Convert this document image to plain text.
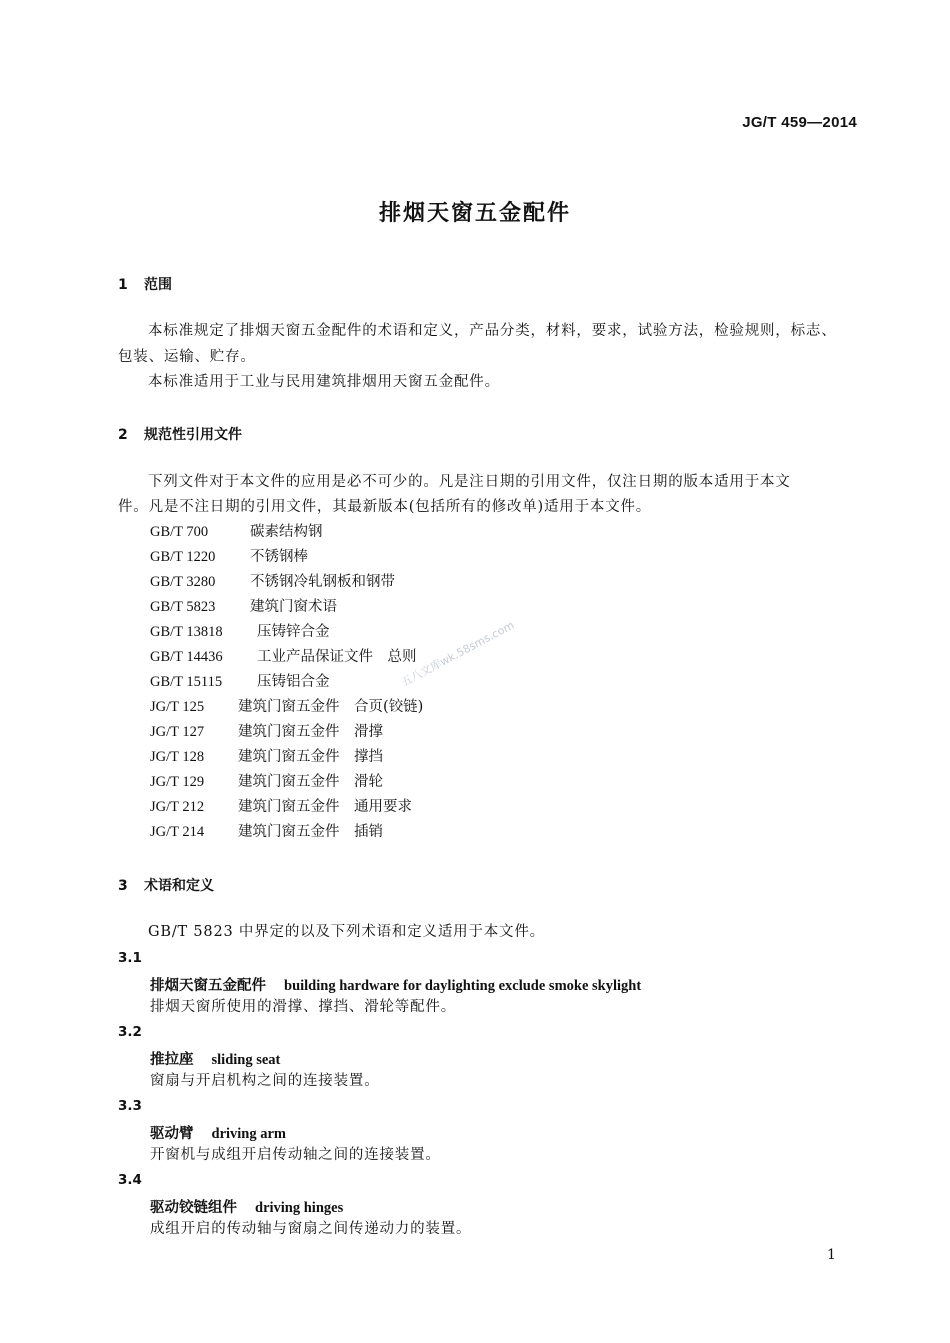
JG/T 459—2014
排烟天窗五金配件
1 范围
本标准规定了排烟天窗五金配件的术语和定义，产品分类，材料，要求，试验方法，检验规则，标志、
包装、运输、贮存。
本标准适用于工业与民用建筑排烟用天窗五金配件。
2 规范性引用文件
下列文件对于本文件的应用是必不可少的。凡是注日期的引用文件，仅注日期的版本适用于本文
件。凡是不注日期的引用文件，其最新版本(包括所有的修改单)适用于本文件。
GB/T 700	碳素结构钢
GB/T 1220 不锈钢棒
GB/T 3280 不锈钢冷轧钢板和钢带
GB/T 5823 建筑门窗术语
GB/T 13818 压铸锌合金
GB/T 14436 工业产品保证文件　总则
GB/T 15115 压铸铝合金
JG/T 125 建筑门窗五金件　合页(铰链)
JG/T 127 建筑门窗五金件　滑撑
JG/T 128 建筑门窗五金件　撑挡
JG/T 129 建筑门窗五金件　滑轮
JG/T 212 建筑门窗五金件　通用要求
JG/T 214 建筑门窗五金件　插销
3 术语和定义
GB/T 5823 中界定的以及下列术语和定义适用于本文件。
3.1
排烟天窗五金配件 building hardware for daylighting exclude smoke skylight
排烟天窗所使用的滑撑、撑挡、滑轮等配件。
3.2
推拉座 sliding seat
窗扇与开启机构之间的连接装置。
3.3
驱动臂 driving arm
开窗机与成组开启传动轴之间的连接装置。
3.4
驱动铰链组件 driving hinges
成组开启的传动轴与窗扇之间传递动力的装置。
五八文库wk.58sms.com
1
